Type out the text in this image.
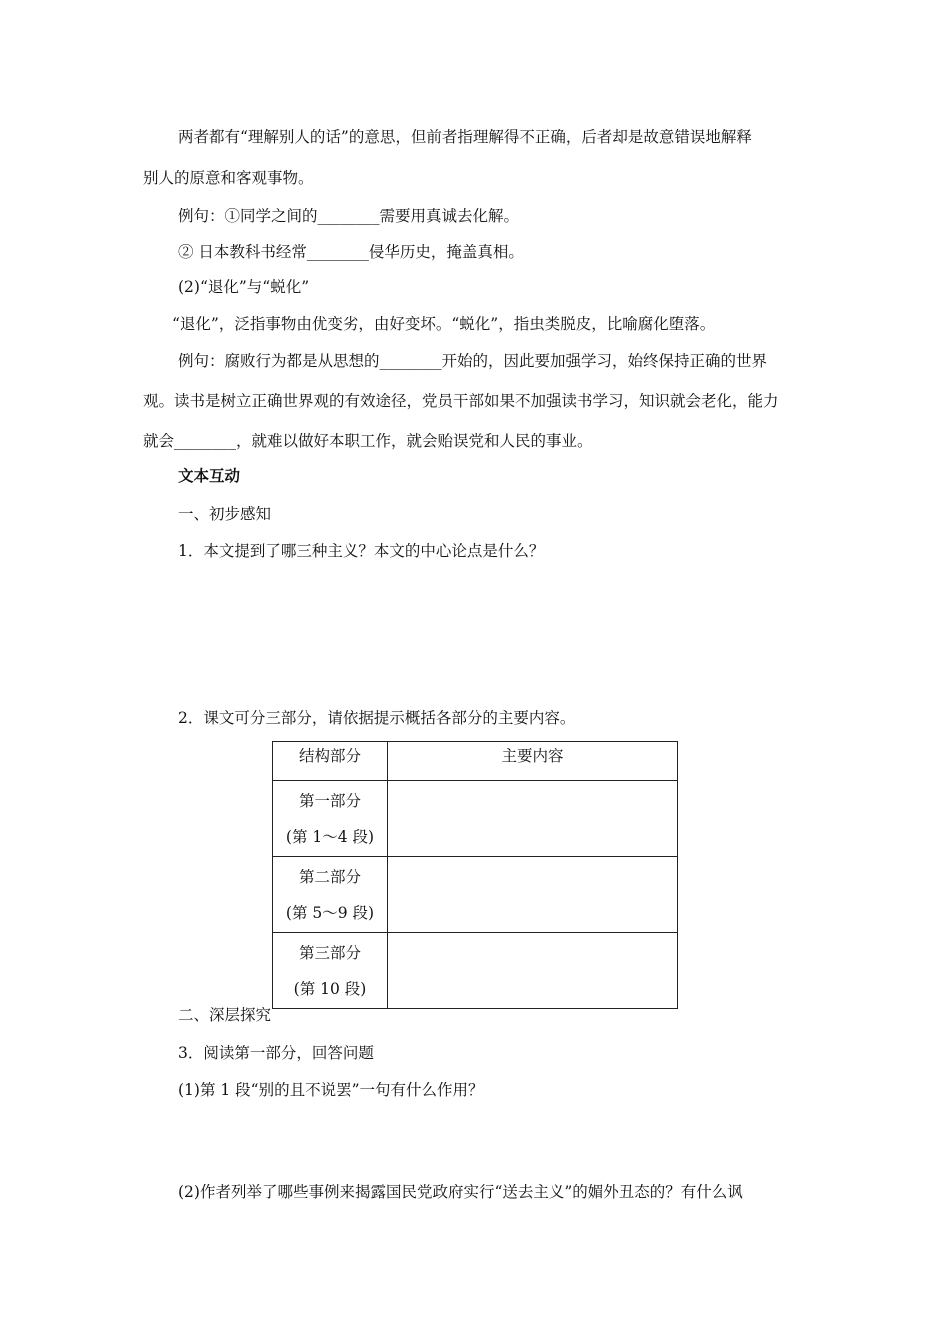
两者都有“理解别人的话”的意思，但前者指理解得不正确，后者却是故意错误地解释
别人的原意和客观事物。
例句：①同学之间的________需要用真诚去化解。
② 日本教科书经常________侵华历史，掩盖真相。
(2)“退化”与“蜕化”
“退化”，泛指事物由优变劣，由好变坏。“蜕化”，指虫类脱皮，比喻腐化堕落。
例句：腐败行为都是从思想的________开始的，因此要加强学习，始终保持正确的世界
观。读书是树立正确世界观的有效途径，党员干部如果不加强读书学习，知识就会老化，能力
就会________，就难以做好本职工作，就会贻误党和人民的事业。
文本互动
一、初步感知
1．本文提到了哪三种主义？本文的中心论点是什么？
2．课文可分三部分，请依据提示概括各部分的主要内容。
结构部分	主要内容

第一部分
(第 1～4 段)	

第二部分
(第 5～9 段)	

第三部分
(第 10 段)	

二、深层探究
3．阅读第一部分，回答问题
(1)第 1 段“别的且不说罢”一句有什么作用？
(2)作者列举了哪些事例来揭露国民党政府实行“送去主义”的媚外丑态的？有什么讽
